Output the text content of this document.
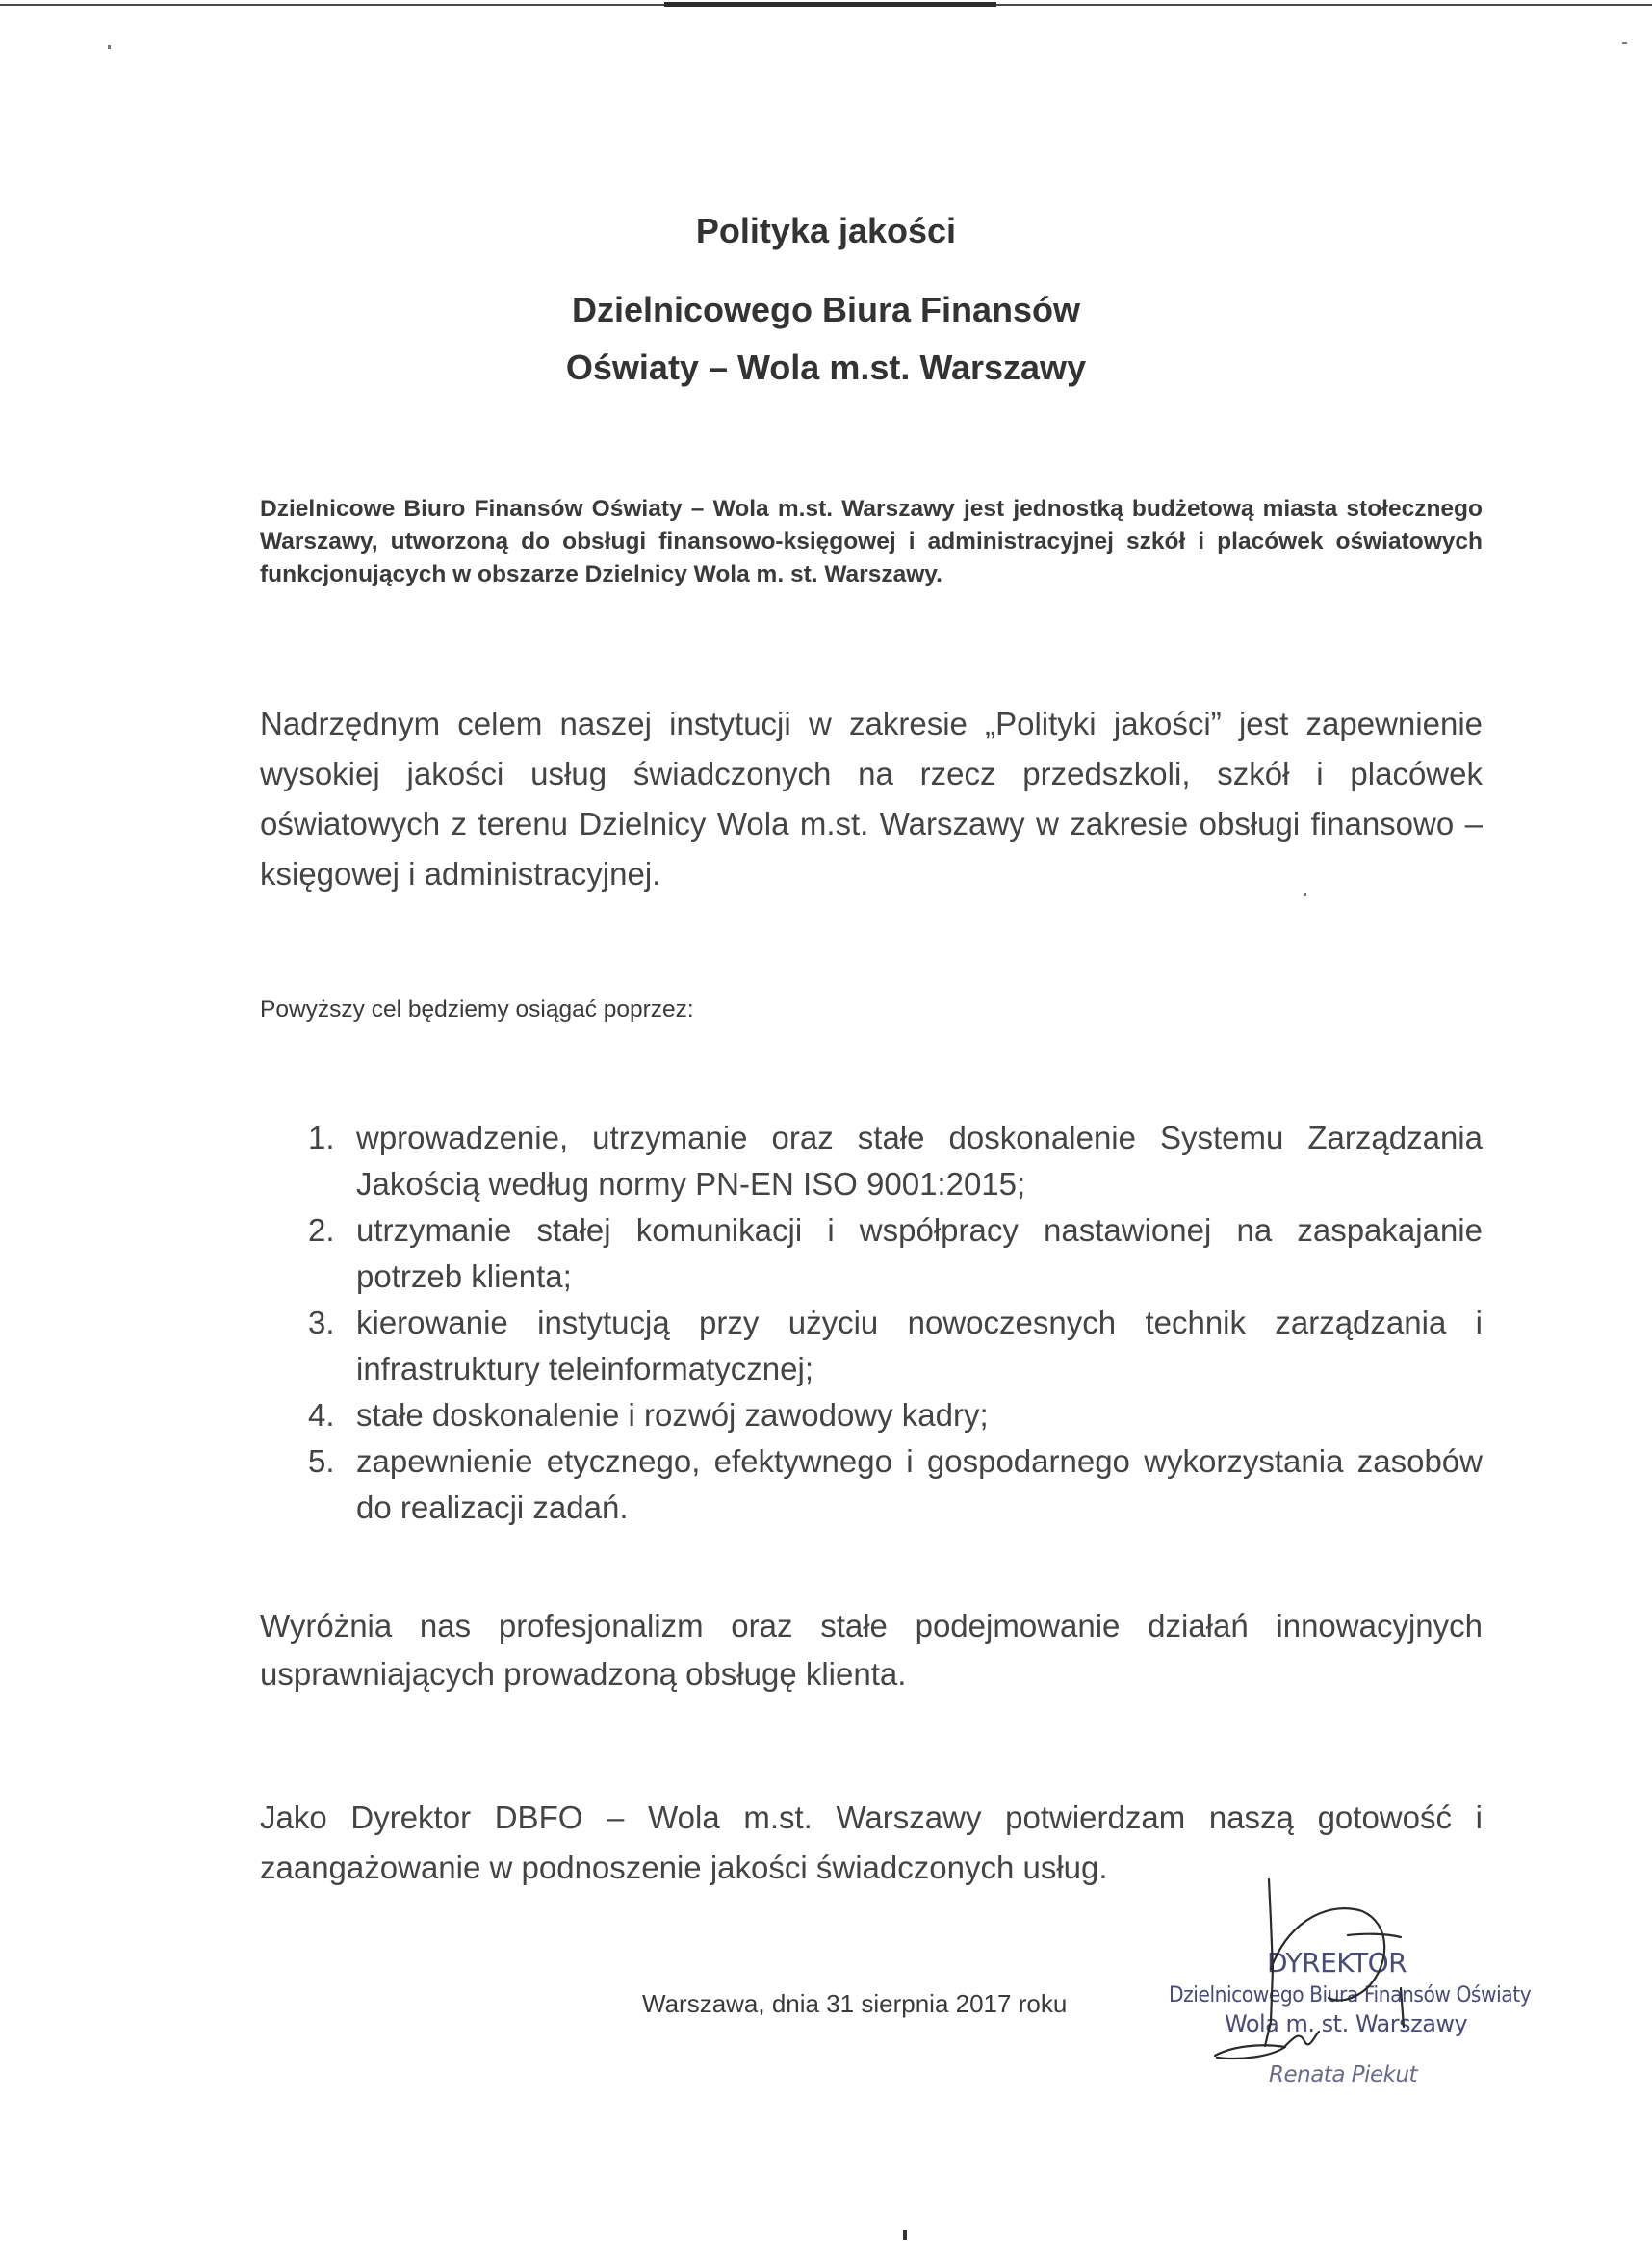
Polityka jakości
Dzielnicowego Biura Finansów
Oświaty – Wola m.st. Warszawy
Dzielnicowe Biuro Finansów Oświaty – Wola m.st. Warszawy jest jednostką budżetową miasta stołecznego Warszawy, utworzoną do obsługi finansowo-księgowej i administracyjnej szkół i placówek oświatowych funkcjonujących w obszarze Dzielnicy Wola m. st. Warszawy.
Nadrzędnym celem naszej instytucji w zakresie „Polityki jakości” jest zapewnienie wysokiej jakości usług świadczonych na rzecz przedszkoli, szkół i placówek oświatowych z terenu Dzielnicy Wola m.st. Warszawy w zakresie obsługi finansowo – księgowej i administracyjnej.
Powyższy cel będziemy osiągać poprzez:
1. wprowadzenie, utrzymanie oraz stałe doskonalenie Systemu Zarządzania Jakością według normy PN-EN ISO 9001:2015;
2. utrzymanie stałej komunikacji i współpracy nastawionej na zaspakajanie potrzeb klienta;
3. kierowanie instytucją przy użyciu nowoczesnych technik zarządzania i infrastruktury teleinformatycznej;
4. stałe doskonalenie i rozwój zawodowy kadry;
5. zapewnienie etycznego, efektywnego i gospodarnego wykorzystania zasobów do realizacji zadań.
Wyróżnia nas profesjonalizm oraz stałe podejmowanie działań innowacyjnych usprawniających prowadzoną obsługę klienta.
Jako Dyrektor DBFO – Wola m.st. Warszawy potwierdzam naszą gotowość i zaangażowanie w podnoszenie jakości świadczonych usług.
Warszawa, dnia 31 sierpnia 2017 roku
DYREKTOR
Dzielnicowego Biura Finansów Oświaty
Wola m. st. Warszawy
Renata Piekut
